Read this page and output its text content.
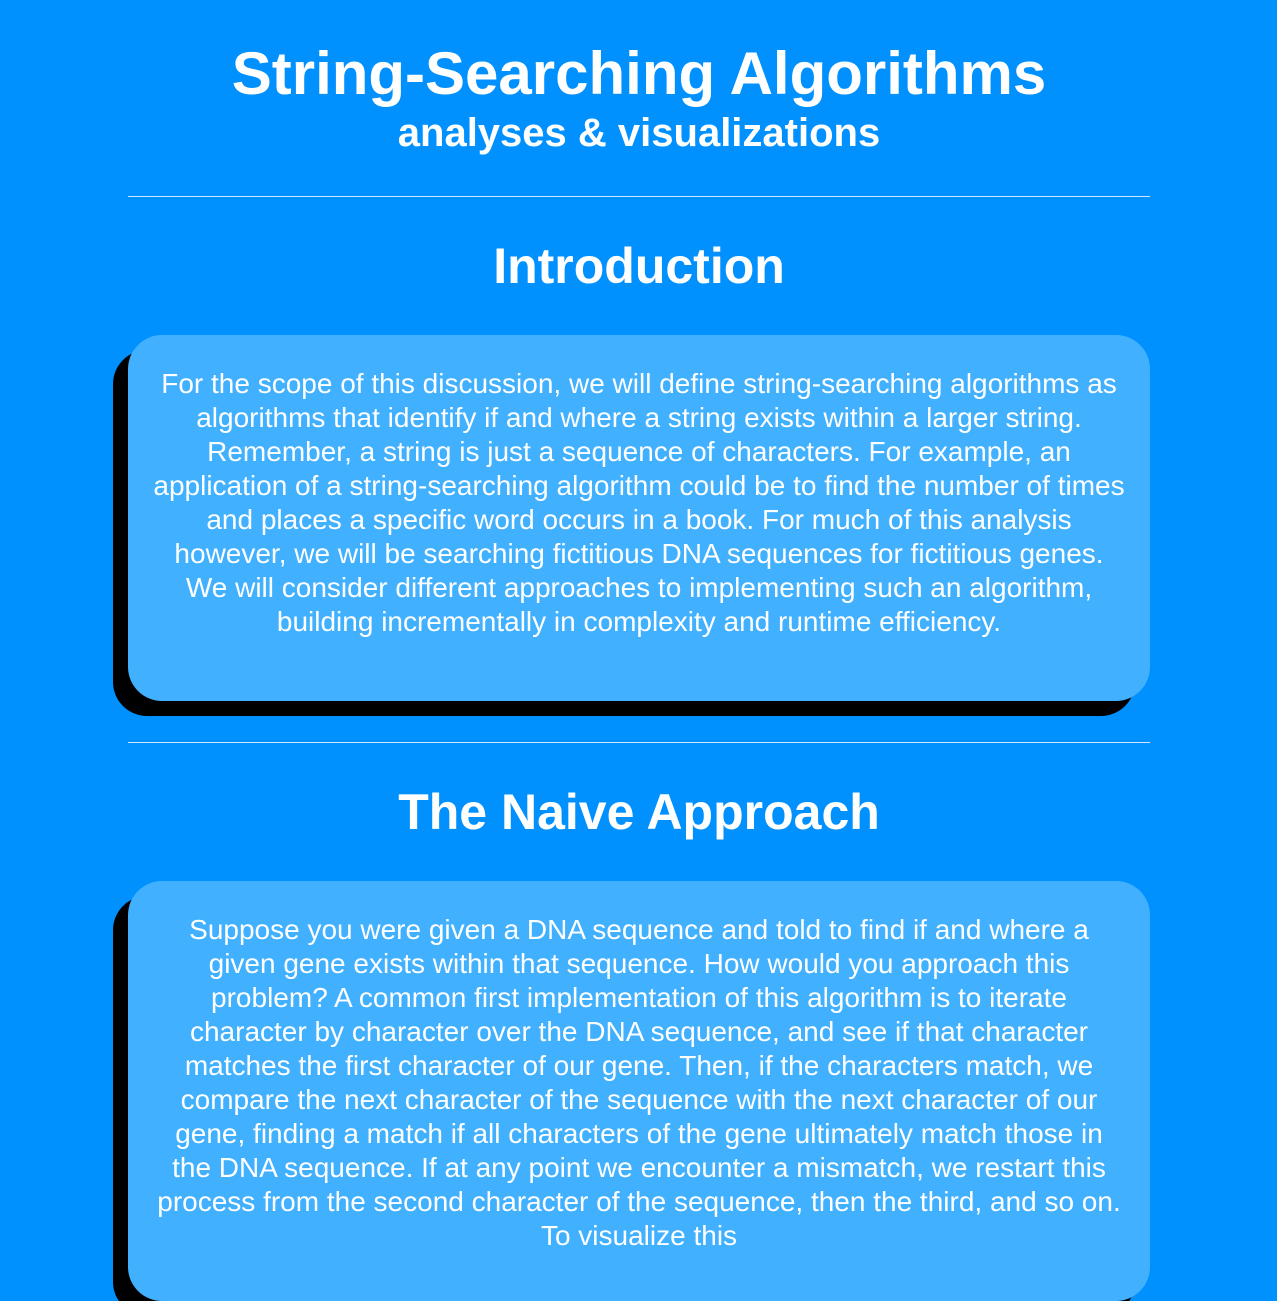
String-Searching Algorithms
analyses & visualizations
Introduction

For the scope of this discussion, we will define string-searching algorithms as algorithms that identify if and where a string exists within a larger string. Remember, a string is just a sequence of characters. For example, an application of a string-searching algorithm could be to find the number of times and places a specific word occurs in a book. For much of this analysis however, we will be searching fictitious DNA sequences for fictitious genes. We will consider different approaches to implementing such an algorithm, building incrementally in complexity and runtime efficiency.

The Naive Approach

Suppose you were given a DNA sequence and told to find if and where a given gene exists within that sequence. How would you approach this problem? A common first implementation of this algorithm is to iterate character by character over the DNA sequence, and see if that character matches the first character of our gene. Then, if the characters match, we compare the next character of the sequence with the next character of our gene, finding a match if all characters of the gene ultimately match those in the DNA sequence. If at any point we encounter a mismatch, we restart this process from the second character of the sequence, then the third, and so on. To visualize this
